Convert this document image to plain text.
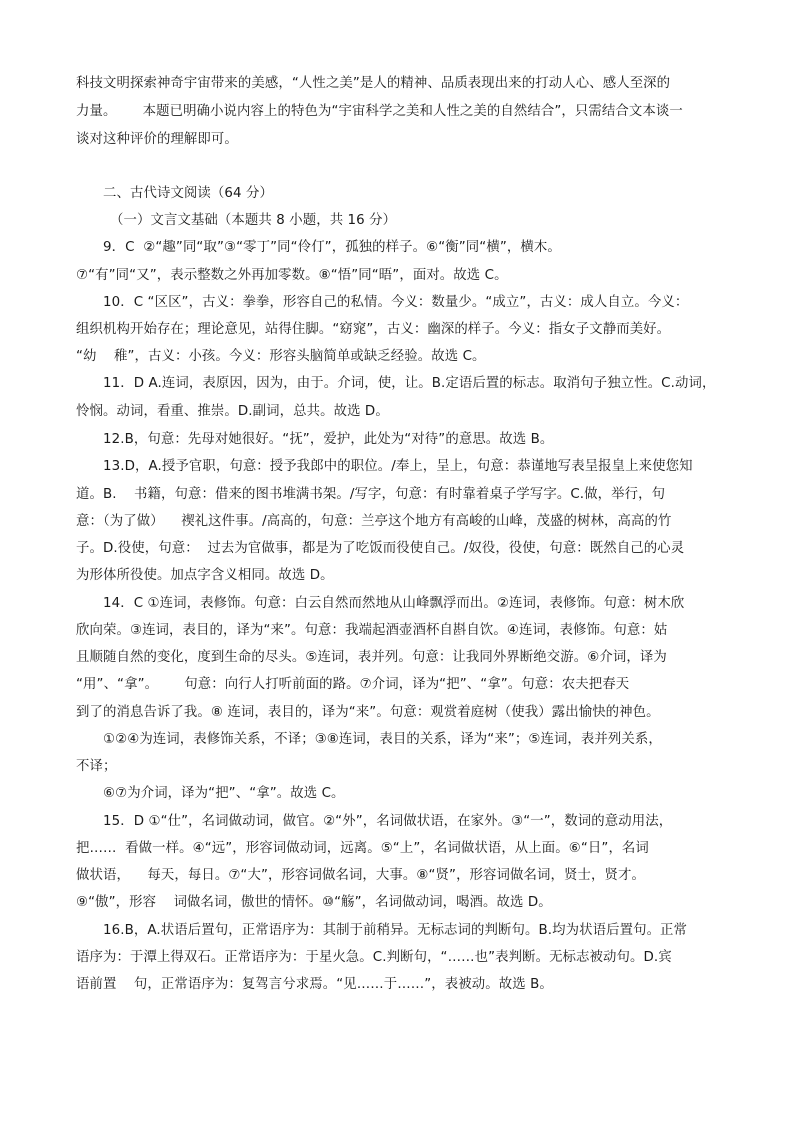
科技文明探索神奇宇宙带来的美感，“人性之美”是人的精神、品质表现出来的打动人心、感人至深的
力量。      本题已明确小说内容上的特色为“宇宙科学之美和人性之美的自然结合”，只需结合文本谈一
谈对这种评价的理解即可。
二、古代诗文阅读（64 分）
（一）文言文基础（本题共 8 小题，共 16 分）
9．C  ②“趣”同“取”③“零丁”同“伶仃”，孤独的样子。⑥“衡”同“横”，横木。
⑦“有”同“又”，表示整数之外再加零数。⑧“悟”同“晤”，面对。故选 C。
10．C “区区”，古义：拳拳，形容自己的私情。今义：数量少。“成立”，古义：成人自立。今义：
组织机构开始存在；理论意见，站得住脚。“窈窕”，古义：幽深的样子。今义：指女子文静而美好。
“幼    稚”，古义：小孩。今义：形容头脑简单或缺乏经验。故选 C。
11．D A.连词，表原因，因为，由于。介词，使，让。B.定语后置的标志。取消句子独立性。C.动词，
怜悯。动词，看重、推崇。D.副词，总共。故选 D。
12.B，句意：先母对她很好。“抚”，爱护，此处为“对待”的意思。故选 B。
13.D，A.授予官职，句意：授予我郎中的职位。/奉上，呈上，句意：恭谨地写表呈报皇上来使您知
道。B.    书籍，句意：借来的图书堆满书架。/写字，句意：有时靠着桌子学写字。C.做，举行，句
意：（为了做）    禊礼这件事。/高高的，句意：兰亭这个地方有高峻的山峰，茂盛的树林，高高的竹
子。D.役使，句意：  过去为官做事，都是为了吃饭而役使自己。/奴役，役使，句意：既然自己的心灵
为形体所役使。加点字含义相同。故选 D。
14．C ①连词，表修饰。句意：白云自然而然地从山峰飘浮而出。②连词，表修饰。句意：树木欣
欣向荣。③连词，表目的，译为“来”。句意：我端起酒壶酒杯自斟自饮。④连词，表修饰。句意：姑
且顺随自然的变化，度到生命的尽头。⑤连词，表并列。句意：让我同外界断绝交游。⑥介词，译为
“用”、“拿”。      句意：向行人打听前面的路。⑦介词，译为“把”、“拿”。句意：农夫把春天
到了的消息告诉了我。⑧ 连词，表目的，译为“来”。句意：观赏着庭树（使我）露出愉快的神色。
①②④为连词，表修饰关系，不译；③⑧连词，表目的关系，译为“来”；⑤连词，表并列关系，
不译；
⑥⑦为介词，译为“把”、“拿”。故选 C。
15．D ①“仕”，名词做动词，做官。②“外”，名词做状语，在家外。③“一”，数词的意动用法，
把……  看做一样。④“远”，形容词做动词，远离。⑤“上”，名词做状语，从上面。⑥“日”，名词
做状语，    每天，每日。⑦“大”，形容词做名词，大事。⑧“贤”，形容词做名词，贤士，贤才。
⑨“傲”，形容    词做名词，傲世的情怀。⑩“觞”，名词做动词，喝酒。故选 D。
16.B，A.状语后置句，正常语序为：其制于前稍异。无标志词的判断句。B.均为状语后置句。正常
语序为：于潭上得双石。正常语序为：于星火急。C.判断句，“……也”表判断。无标志被动句。D.宾
语前置    句，正常语序为：复驾言兮求焉。“见……于……”，表被动。故选 B。
